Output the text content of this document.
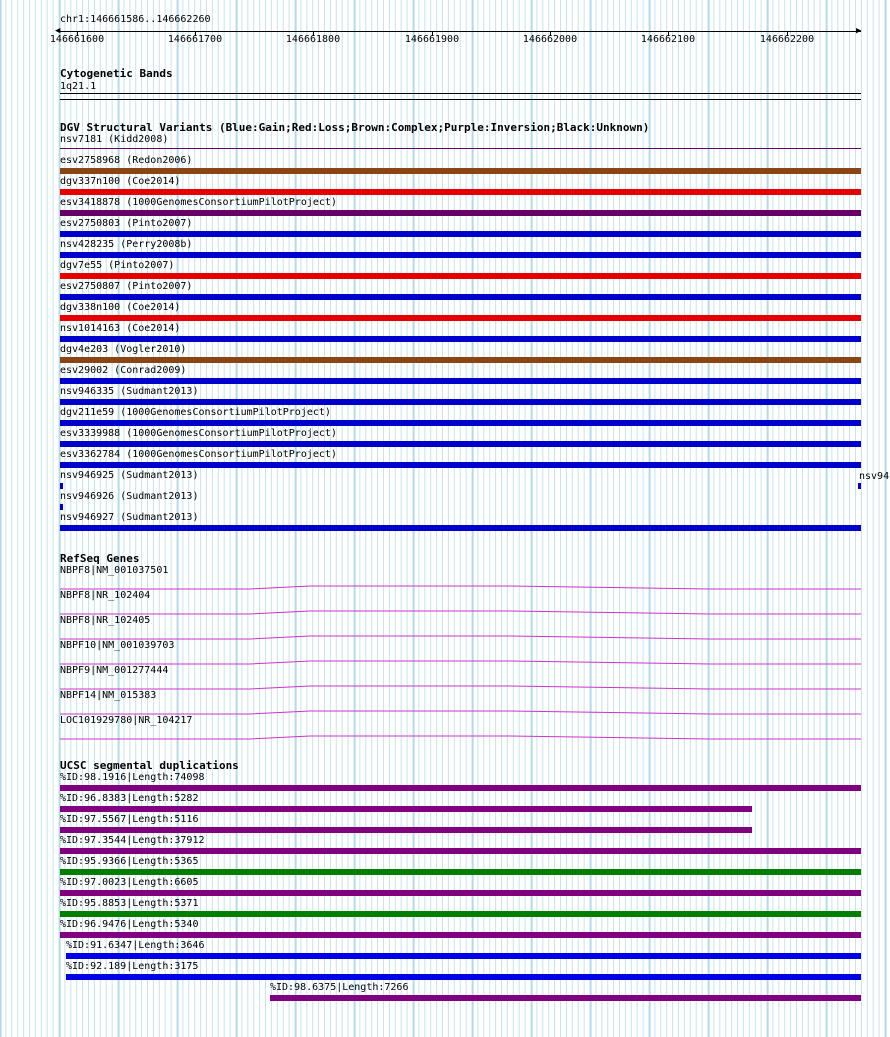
chr1:146661586..146662260
◀	▶
146661600	146661700	146661800	146661900	146662000	146662100	146662200
Cytogenetic Bands
1q21.1
DGV Structural Variants (Blue:Gain;Red:Loss;Brown:Complex;Purple:Inversion;Black:Unknown)
nsv7181 (Kidd2008)
esv2758968 (Redon2006)
dgv337n100 (Coe2014)
esv3418878 (1000GenomesConsortiumPilotProject)
esv2750803 (Pinto2007)
nsv428235 (Perry2008b)
dgv7e55 (Pinto2007)
esv2750807 (Pinto2007)
dgv338n100 (Coe2014)
nsv1014163 (Coe2014)
dgv4e203 (Vogler2010)
esv29002 (Conrad2009)
nsv946335 (Sudmant2013)
dgv211e59 (1000GenomesConsortiumPilotProject)
esv3339988 (1000GenomesConsortiumPilotProject)
esv3362784 (1000GenomesConsortiumPilotProject)
nsv946925 (Sudmant2013)
nsv946926 (Sudmant2013)
nsv946927 (Sudmant2013)
nsv94
RefSeq Genes
NBPF8|NM_001037501
NBPF8|NR_102404
NBPF8|NR_102405
NBPF10|NM_001039703
NBPF9|NM_001277444
NBPF14|NM_015383
LOC101929780|NR_104217
UCSC segmental duplications
%ID:98.1916|Length:74098
%ID:96.8383|Length:5282
%ID:97.5567|Length:5116
%ID:97.3544|Length:37912
%ID:95.9366|Length:5365
%ID:97.0023|Length:6605
%ID:95.8853|Length:5371
%ID:96.9476|Length:5340
%ID:91.6347|Length:3646
%ID:92.189|Length:3175
%ID:98.6375|Length:7266
